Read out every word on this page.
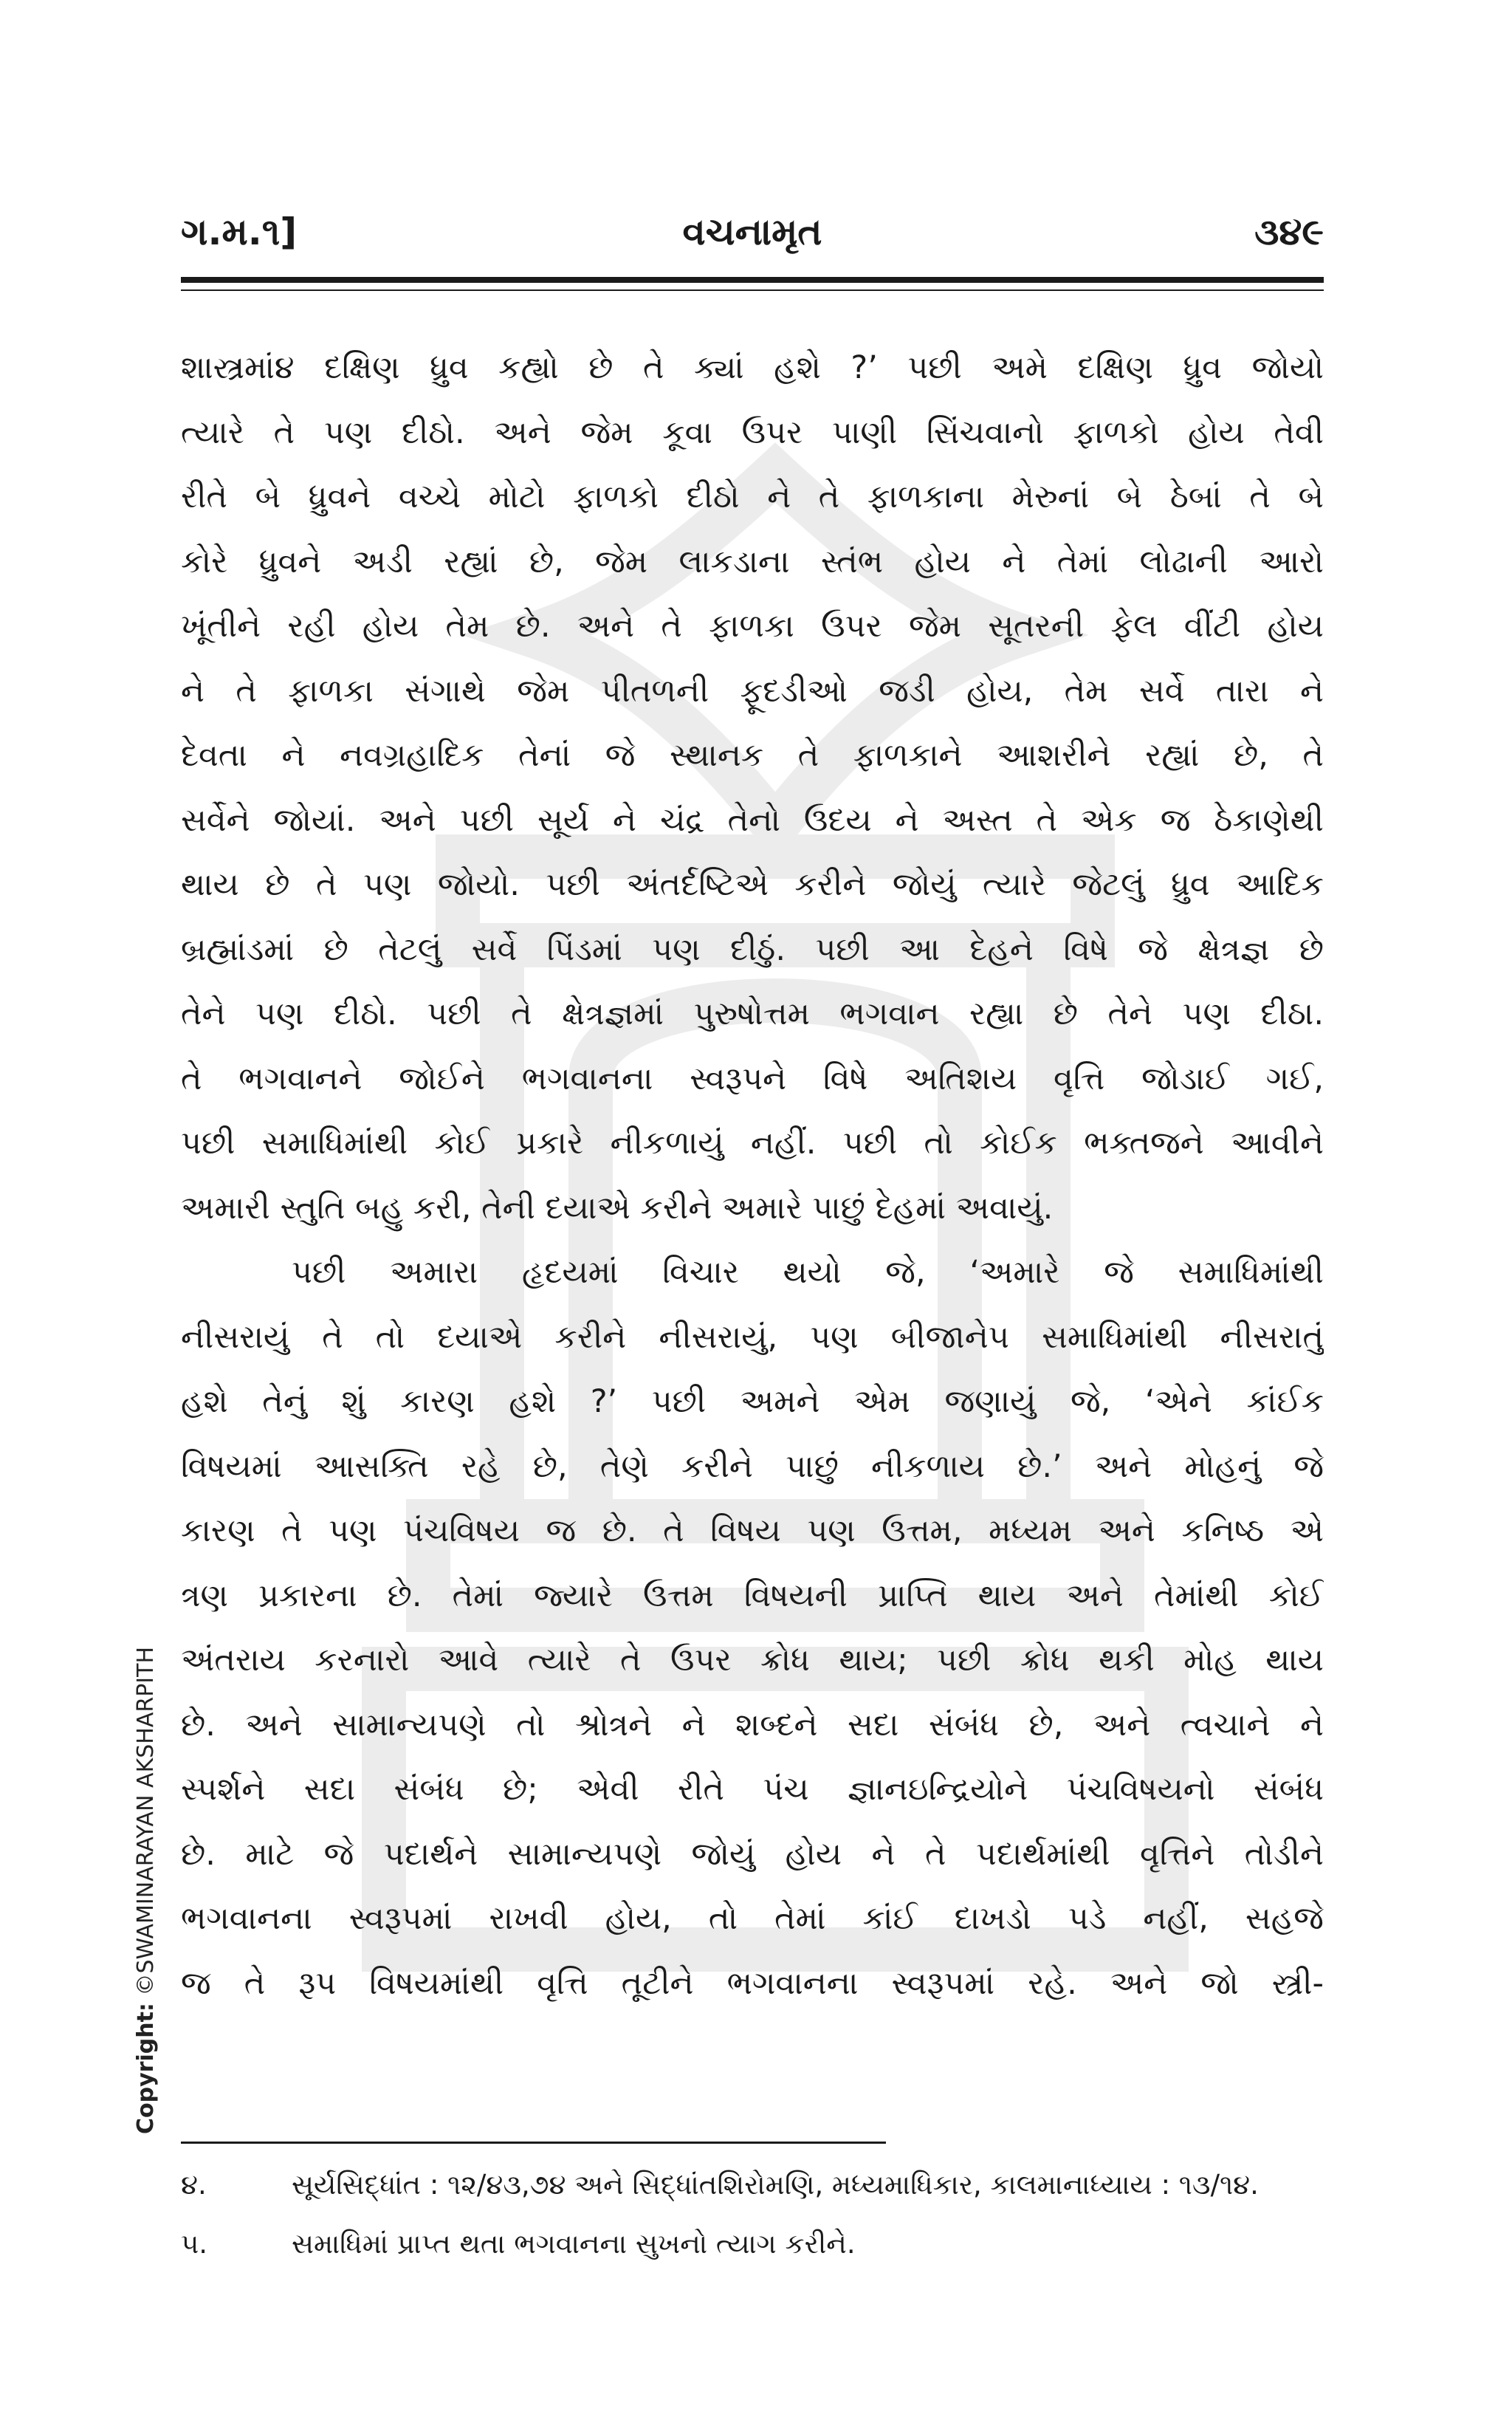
વચનામૃત
ગ.મ.૧]	૩૪૯
શાસ્ત્રમાં૪ દક્ષિણ ધ્રુવ કહ્યો છે તે ક્યાં હશે ?’ પછી અમે દક્ષિણ ધ્રુવ જોયો
ત્યારે તે પણ દીઠો. અને જેમ કૂવા ઉપર પાણી સિંચવાનો ફાળકો હોય તેવી
રીતે બે ધ્રુવને વચ્ચે મોટો ફાળકો દીઠો ને તે ફાળકાના મેરુનાં બે ઠેબાં તે બે
કોરે ધ્રુવને અડી રહ્યાં છે, જેમ લાકડાના સ્તંભ હોય ને તેમાં લોઢાની આરો
ખૂંતીને રહી હોય તેમ છે. અને તે ફાળકા ઉપર જેમ સૂતરની ફેલ વીંટી હોય
ને તે ફાળકા સંગાથે જેમ પીતળની ફૂદડીઓ જડી હોય, તેમ સર્વે તારા ને
દેવતા ને નવગ્રહાદિક તેનાં જે સ્થાનક તે ફાળકાને આશરીને રહ્યાં છે, તે
સર્વેને જોયાં. અને પછી સૂર્ય ને ચંદ્ર તેનો ઉદય ને અસ્ત તે એક જ ઠેકાણેથી
થાય છે તે પણ જોયો. પછી અંતર્દષ્ટિએ કરીને જોયું ત્યારે જેટલું ધ્રુવ આદિક
બ્રહ્માંડમાં છે તેટલું સર્વે પિંડમાં પણ દીઠું. પછી આ દેહને વિષે જે ક્ષેત્રજ્ઞ છે
તેને પણ દીઠો. પછી તે ક્ષેત્રજ્ઞમાં પુરુષોત્તમ ભગવાન રહ્યા છે તેને પણ દીઠા.
તે ભગવાનને જોઈને ભગવાનના સ્વરૂપને વિષે અતિશય વૃત્તિ જોડાઈ ગઈ,
પછી સમાધિમાંથી કોઈ પ્રકારે નીકળાયું નહીં. પછી તો કોઈક ભક્તજને આવીને
અમારી સ્તુતિ બહુ કરી, તેની દયાએ કરીને અમારે પાછું દેહમાં અવાયું.
પછી અમારા હૃદયમાં વિચાર થયો જે, ‘અમારે જે સમાધિમાંથી
નીસરાયું તે તો દયાએ કરીને નીસરાયું, પણ બીજાને૫ સમાધિમાંથી નીસરાતું
હશે તેનું શું કારણ હશે ?’ પછી અમને એમ જણાયું જે, ‘એને કાંઈક
વિષયમાં આસક્તિ રહે છે, તેણે કરીને પાછું નીકળાય છે.’ અને મોહનું જે
કારણ તે પણ પંચવિષય જ છે. તે વિષય પણ ઉત્તમ, મધ્યમ અને કનિષ્ઠ એ
ત્રણ પ્રકારના છે. તેમાં જ્યારે ઉત્તમ વિષયની પ્રાપ્તિ થાય અને તેમાંથી કોઈ
અંતરાય કરનારો આવે ત્યારે તે ઉપર ક્રોધ થાય; પછી ક્રોધ થકી મોહ થાય
છે. અને સામાન્યપણે તો શ્રોત્રને ને શબ્દને સદા સંબંધ છે, અને ત્વચાને ને
સ્પર્શને સદા સંબંધ છે; એવી રીતે પંચ જ્ઞાનઇન્દ્રિયોને પંચવિષયનો સંબંધ
છે. માટે જે પદાર્થને સામાન્યપણે જોયું હોય ને તે પદાર્થમાંથી વૃત્તિને તોડીને
ભગવાનના સ્વરૂપમાં રાખવી હોય, તો તેમાં કાંઈ દાખડો પડે નહીં, સહજે
જ તે રૂપ વિષયમાંથી વૃત્તિ તૂટીને ભગવાનના સ્વરૂપમાં રહે. અને જો સ્ત્રી-
૪.	સૂર્યસિદ્ધાંત : ૧૨/૪૩,૭૪ અને સિદ્ધાંતશિરોમણિ, મધ્યમાધિકાર, કાલમાનાધ્યાય : ૧૩/૧૪.
૫.	સમાધિમાં પ્રાપ્ત થતા ભગવાનના સુખનો ત્યાગ કરીને.
Copyright: ©SWAMINARAYAN AKSHARPITH
